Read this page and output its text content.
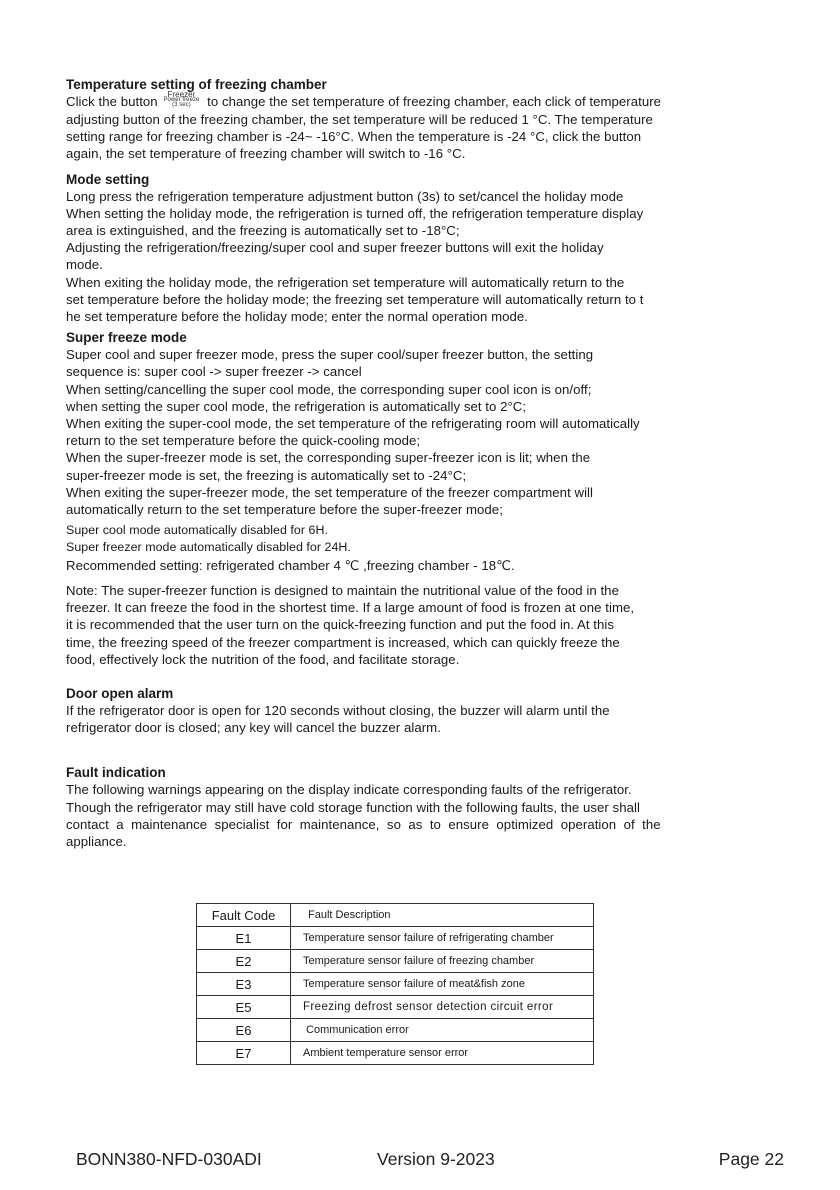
Temperature setting of freezing chamber

Click the button	Freezer
Power freeze
(3 sec)	to change the set temperature of freezing chamber, each click of temperature

adjusting button of the freezing chamber, the set temperature will be reduced 1 °C. The temperature

setting range for freezing chamber is -24~ -16°C. When the temperature is -24 °C, click the button

again, the set temperature of freezing chamber will switch to -16 °C.

Mode setting

Long press the refrigeration temperature adjustment button (3s) to set/cancel the holiday mode

When setting the holiday mode, the refrigeration is turned off, the refrigeration temperature display

area is extinguished, and the freezing is automatically set to -18°C;

Adjusting the refrigeration/freezing/super cool and super freezer buttons will exit the holiday

mode.

When exiting the holiday mode, the refrigeration set temperature will automatically return to the

set temperature before the holiday mode; the freezing set temperature will automatically return to t

he set temperature before the holiday mode; enter the normal operation mode.

Super freeze mode

Super cool and super freezer mode, press the super cool/super freezer button, the setting

sequence is: super cool -> super freezer -> cancel

When setting/cancelling the super cool mode, the corresponding super cool icon is on/off;

when setting the super cool mode, the refrigeration is automatically set to 2°C;

When exiting the super-cool mode, the set temperature of the refrigerating room will automatically

return to the set temperature before the quick-cooling mode;

When the super-freezer mode is set, the corresponding super-freezer icon is lit; when the

super-freezer mode is set, the freezing is automatically set to -24°C;

When exiting the super-freezer mode, the set temperature of the freezer compartment will

automatically return to the set temperature before the super-freezer mode;

Super cool mode automatically disabled for 6H.

Super freezer mode automatically disabled for 24H.

Recommended setting: refrigerated chamber 4 ℃ ,freezing chamber - 18℃.

Note: The super-freezer function is designed to maintain the nutritional value of the food in the

freezer. It can freeze the food in the shortest time. If a large amount of food is frozen at one time,

it is recommended that the user turn on the quick-freezing function and put the food in. At this

time, the freezing speed of the freezer compartment is increased, which can quickly freeze the

food, effectively lock the nutrition of the food, and facilitate storage.

Door open alarm

If the refrigerator door is open for 120 seconds without closing, the buzzer will alarm until the

refrigerator door is closed; any key will cancel the buzzer alarm.

Fault indication

The following warnings appearing on the display indicate corresponding faults of the refrigerator.

Though the refrigerator may still have cold storage function with the following faults, the user shall

contact  a  maintenance  specialist  for  maintenance,  so  as  to  ensure  optimized  operation  of  the

appliance.

Fault Code	Fault Description
E1	Temperature sensor failure of refrigerating chamber
E2	Temperature sensor failure of freezing chamber
E3	Temperature sensor failure of meat&fish zone
E5	Freezing defrost sensor detection circuit error
E6	Communication error
E7	Ambient temperature sensor error
BONN380-NFD-030ADI	Version 9-2023	Page 22
